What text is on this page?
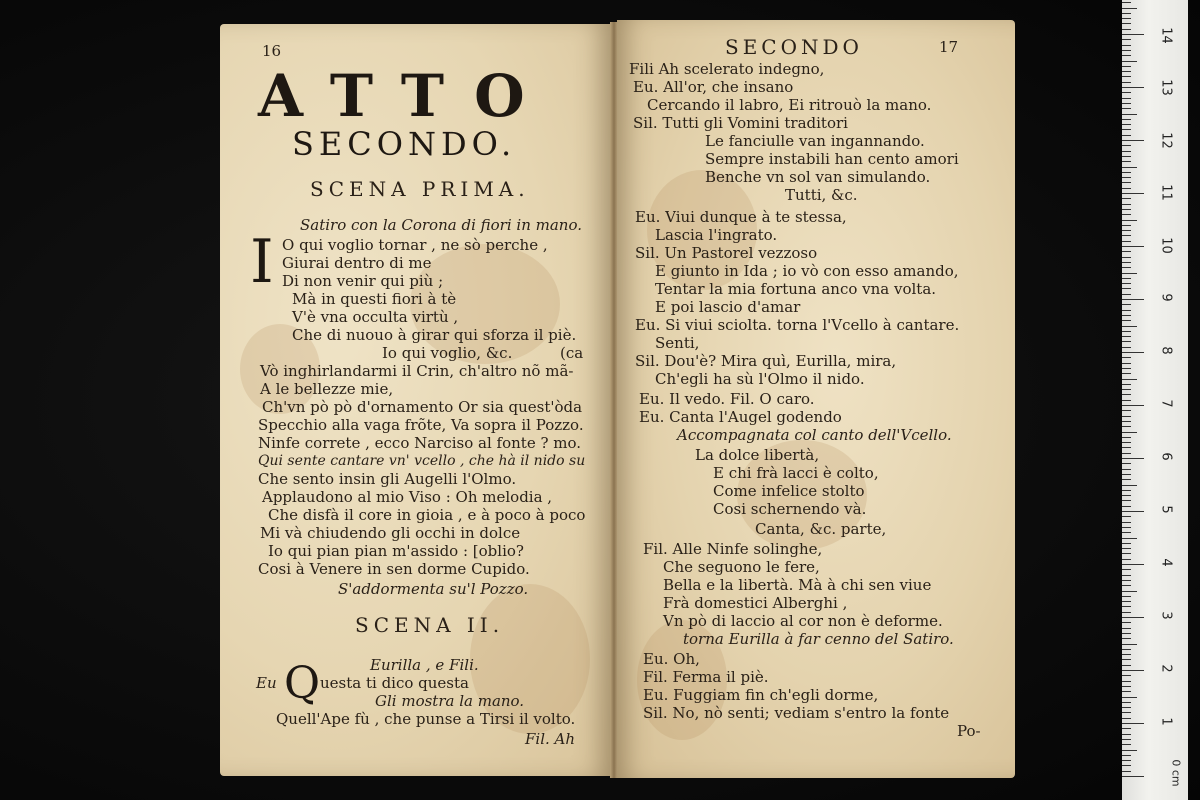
16
ATTO
SECONDO.
SCENA PRIMA.
Satiro con la Corona di fiori in mano.
I O qui voglio tornar , ne sò perche ,
Giurai dentro di me
Di non venir qui più ;
Mà in questi fiori à tè
V'è vna occulta virtù ,
Che di nuouo à girar qui sforza il piè.
Io qui voglio, &c.	(ca
Vò inghirlandarmi il Crin, ch'altro nõ mã-
A le bellezze mie,
Ch'vn pò pò d'ornamento Or sia quest'òda
Specchio alla vaga frõte, Va sopra il Pozzo.
Ninfe correte , ecco Narciso al fonte ? mo.
Qui sente cantare vn' vcello , che hà il nido su
Che sento insin gli Augelli l'Olmo.
Applaudono al mio Viso : Oh melodia ,
Che disfà il core in gioia , e à poco à poco
Mi và chiudendo gli occhi in dolce
Io qui pian pian m'assido : [oblio?
Cosi à Venere in sen dorme Cupido.
S'addormenta su'l Pozzo.
SCENA II.
Eurilla , e Fili.
Eu Q uesta ti dico questa
Gli mostra la mano.
Quell'Ape fù , che punse a Tirsi il volto.
Fil. Ah
SECONDO	17
Fili Ah scelerato indegno,
Eu. All'or, che insano
Cercando il labro, Ei ritrouò la mano.
Sil. Tutti gli Vomini traditori
Le fanciulle van ingannando.
Sempre instabili han cento amori
Benche vn sol van simulando.
Tutti, &c.
Eu. Viui dunque à te stessa,
Lascia l'ingrato.
Sil. Un Pastorel vezzoso
E giunto in Ida ; io vò con esso amando,
Tentar la mia fortuna anco vna volta.
E poi lascio d'amar
Eu. Si viui sciolta. torna l'Vcello à cantare.
Senti,
Sil. Dou'è? Mira quì, Eurilla, mira,
Ch'egli ha sù l'Olmo il nido.
Eu. Il vedo. Fil. O caro.
Eu. Canta l'Augel godendo
Accompagnata col canto dell'Vcello.
La dolce libertà,
E chi frà lacci è colto,
Come infelice stolto
Cosi schernendo và.
Canta, &c. parte,
Fil. Alle Ninfe solinghe,
Che seguono le fere,
Bella e la libertà. Mà à chi sen viue
Frà domestici Alberghi ,
Vn pò di laccio al cor non è deforme.
torna Eurilla à far cenno del Satiro.
Eu. Oh,
Fil. Ferma il piè.
Eu. Fuggiam fin ch'egli dorme,
Sil. No, nò senti; vediam s'entro la fonte
Po-
14
13
12
11
10
9
8
7
6
5
4
3
2
1
0 cm
